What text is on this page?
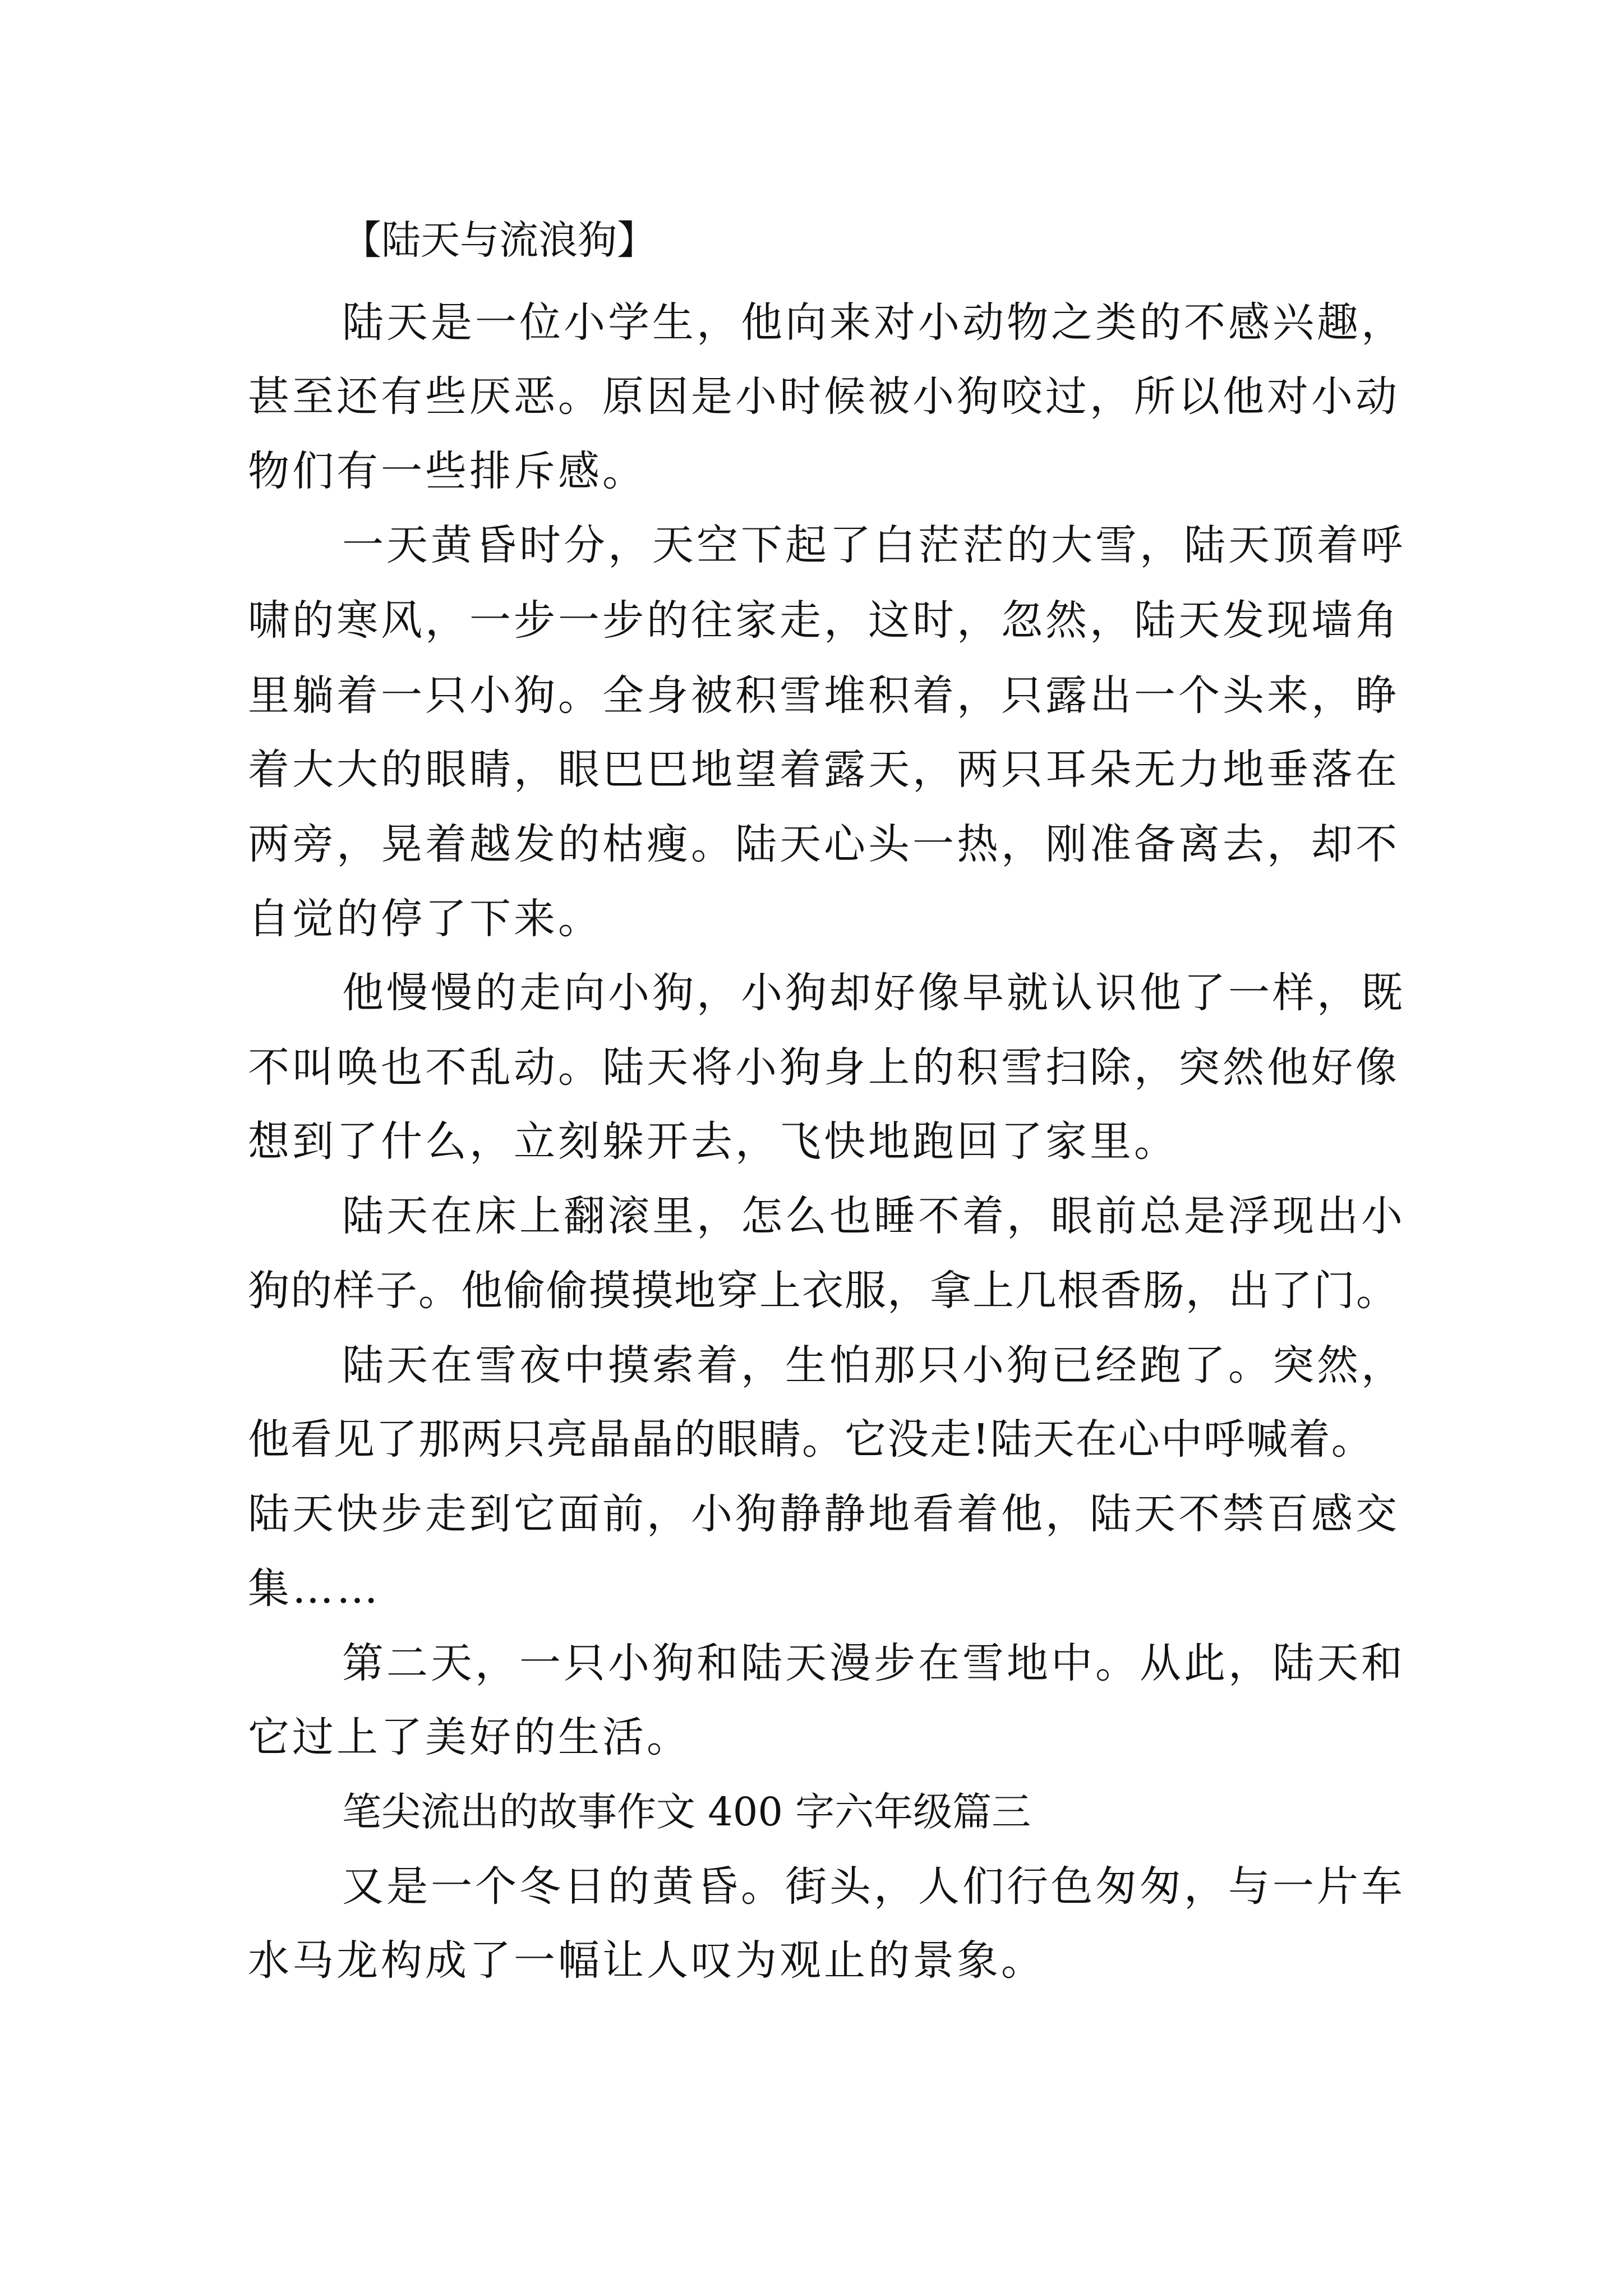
【陆天与流浪狗】
陆天是一位小学生，他向来对小动物之类的不感兴趣，
甚至还有些厌恶。原因是小时候被小狗咬过，所以他对小动
物们有一些排斥感。
一天黄昏时分，天空下起了白茫茫的大雪，陆天顶着呼
啸的寒风，一步一步的往家走，这时，忽然，陆天发现墙角
里躺着一只小狗。全身被积雪堆积着，只露出一个头来，睁
着大大的眼睛，眼巴巴地望着露天，两只耳朵无力地垂落在
两旁，晃着越发的枯瘦。陆天心头一热，刚准备离去，却不
自觉的停了下来。
他慢慢的走向小狗，小狗却好像早就认识他了一样，既
不叫唤也不乱动。陆天将小狗身上的积雪扫除，突然他好像
想到了什么，立刻躲开去，飞快地跑回了家里。
陆天在床上翻滚里，怎么也睡不着，眼前总是浮现出小
狗的样子。他偷偷摸摸地穿上衣服，拿上几根香肠，出了门。
陆天在雪夜中摸索着，生怕那只小狗已经跑了。突然，
他看见了那两只亮晶晶的眼睛。它没走!陆天在心中呼喊着。
陆天快步走到它面前，小狗静静地看着他，陆天不禁百感交
集……
第二天，一只小狗和陆天漫步在雪地中。从此，陆天和
它过上了美好的生活。
笔尖流出的故事作文 400 字六年级篇三
又是一个冬日的黄昏。街头，人们行色匆匆，与一片车
水马龙构成了一幅让人叹为观止的景象。
